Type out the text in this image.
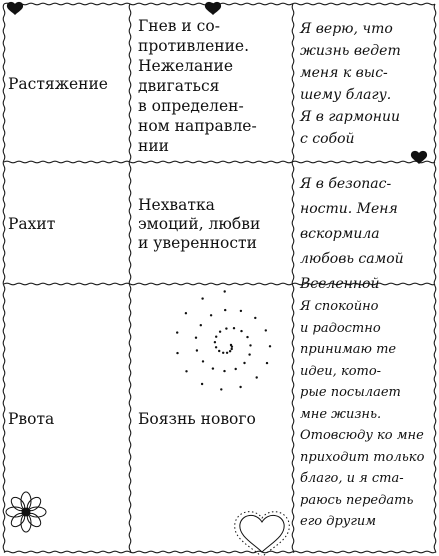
Растяжение
Гнев и со-
противление.
Нежелание
двигаться
в определен-
ном направле-
нии
Я верю, что
жизнь ведет
меня к выс-
шему благу.
Я в гармонии
с собой
Рахит
Нехватка
эмоций, любви
и уверенности
Я в безопас-
ности. Меня
вскормила
любовь самой
Вселенной
Рвота	Боязнь нового
Я спокойно
и радостно
принимаю те
идеи, кото-
рые посылает
мне жизнь.
Отовсюду ко мне
приходит только
благо, и я ста-
раюсь передать
его другим
